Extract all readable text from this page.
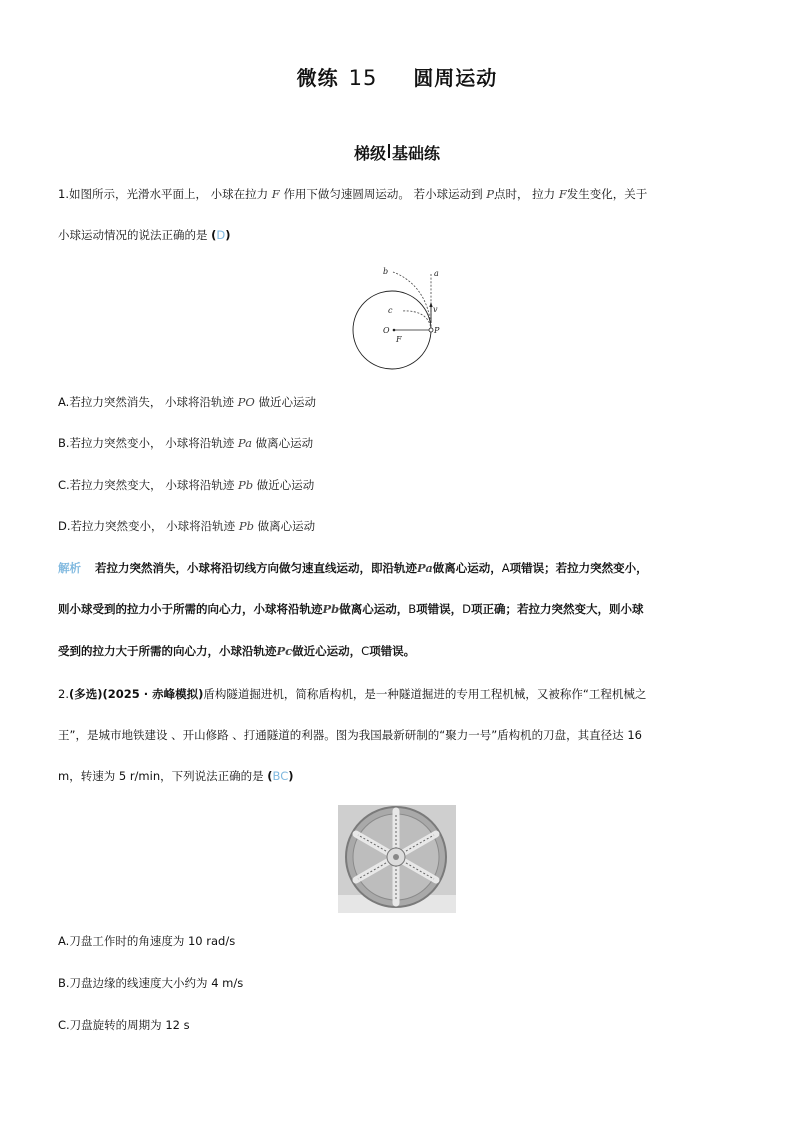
微练 15 圆周运动
梯级 基础练
1.如图所示，光滑水平面上， 小球在拉力 F 作用下做匀速圆周运动。 若小球运动到 P点时， 拉力 F发生变化，关于
小球运动情况的说法正确的是 (D)
b	a
c	v
O	P
F
A.若拉力突然消失， 小球将沿轨迹 PO 做近心运动
B.若拉力突然变小， 小球将沿轨迹 Pa 做离心运动
C.若拉力突然变大， 小球将沿轨迹 Pb 做近心运动
D.若拉力突然变小， 小球将沿轨迹 Pb 做离心运动
解析 若拉力突然消失，小球将沿切线方向做匀速直线运动，即沿轨迹Pa做离心运动，A项错误；若拉力突然变小，
则小球受到的拉力小于所需的向心力，小球将沿轨迹Pb做离心运动，B项错误，D项正确；若拉力突然变大，则小球
受到的拉力大于所需的向心力，小球沿轨迹Pc做近心运动，C项错误。
2.(多选)(2025 · 赤峰模拟)盾构隧道掘进机，简称盾构机，是一种隧道掘进的专用工程机械，又被称作“工程机械之
王”，是城市地铁建设 、开山修路 、打通隧道的利器。图为我国最新研制的“聚力一号”盾构机的刀盘，其直径达 16
m，转速为 5 r/min，下列说法正确的是 (BC)
A.刀盘工作时的角速度为 10 rad/s
B.刀盘边缘的线速度大小约为 4 m/s
C.刀盘旋转的周期为 12 s
